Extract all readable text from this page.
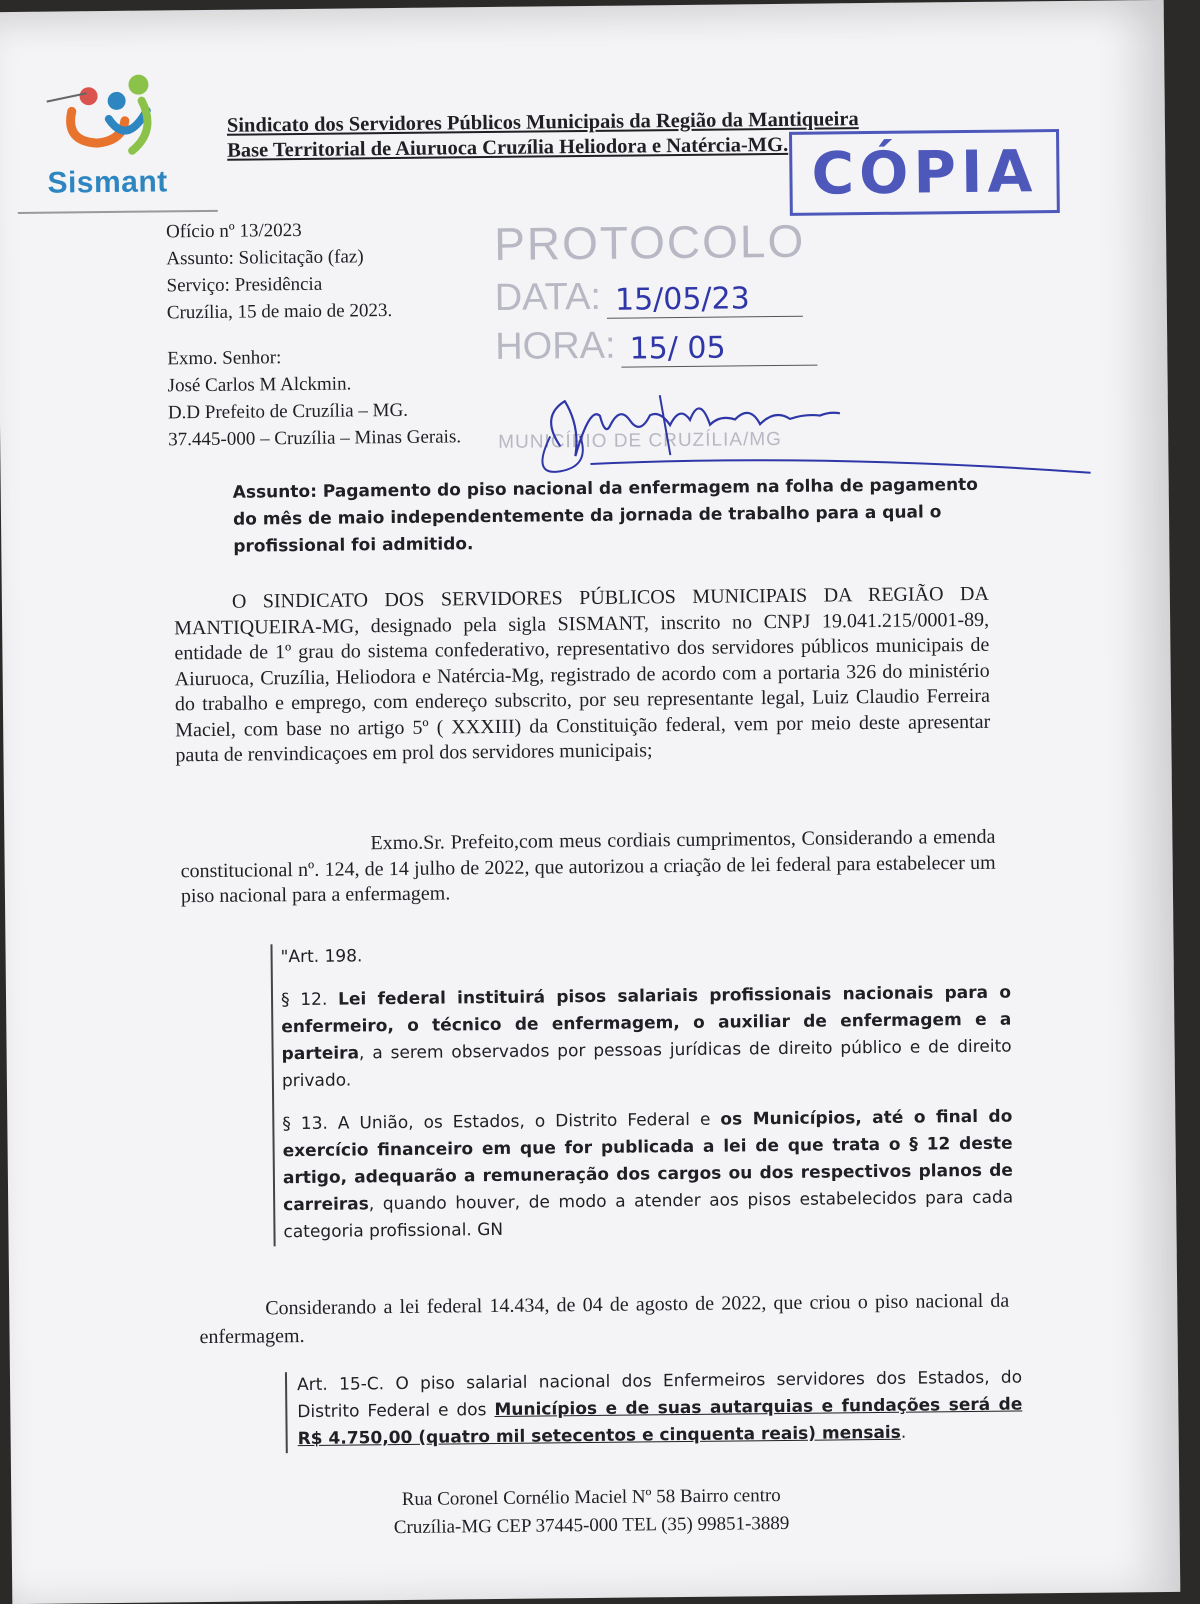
Sismant
Sindicato dos Servidores Públicos Municipais da Região da Mantiqueira
Base Territorial de Aiuruoca Cruzília Heliodora e Natércia-MG. CÓPIA
Ofício nº 13/2023
Assunto: Solicitação (faz)
Serviço: Presidência
Cruzília, 15 de maio de 2023.
PROTOCOLO
DATA: 15/05/23
HORA: 15/ 05
Exmo. Senhor:
José Carlos M Alckmin.
D.D Prefeito de Cruzília – MG.
37.445-000 – Cruzília – Minas Gerais. MUNICÍPIO DE CRUZÍLIA/MG
Assunto: Pagamento do piso nacional da enfermagem na folha de pagamento do mês de maio independentemente da jornada de trabalho para a qual o profissional foi admitido.
O SINDICATO DOS SERVIDORES PÚBLICOS MUNICIPAIS DA REGIÃO DA MANTIQUEIRA-MG, designado pela sigla SISMANT, inscrito no CNPJ 19.041.215/0001-89, entidade de 1º grau do sistema confederativo, representativo dos servidores públicos municipais de Aiuruoca, Cruzília, Heliodora e Natércia-Mg, registrado de acordo com a portaria 326 do ministério do trabalho e emprego, com endereço subscrito, por seu representante legal, Luiz Claudio Ferreira Maciel, com base no artigo 5º ( XXXIII) da Constituição federal, vem por meio deste apresentar pauta de renvindicaçoes em prol dos servidores municipais;
Exmo.Sr. Prefeito,com meus cordiais cumprimentos, Considerando a emenda constitucional nº. 124, de 14 julho de 2022, que autorizou a criação de lei federal para estabelecer um piso nacional para a enfermagem.

"Art. 198.

§ 12. Lei federal instituirá pisos salariais profissionais nacionais para o enfermeiro, o técnico de enfermagem, o auxiliar de enfermagem e a parteira, a serem observados por pessoas jurídicas de direito público e de direito privado.

§ 13. A União, os Estados, o Distrito Federal e os Municípios, até o final do exercício financeiro em que for publicada a lei de que trata o § 12 deste artigo, adequarão a remuneração dos cargos ou dos respectivos planos de carreiras, quando houver, de modo a atender aos pisos estabelecidos para cada categoria profissional. GN

Considerando a lei federal 14.434, de 04 de agosto de 2022, que criou o piso nacional da enfermagem.
Art. 15-C. O piso salarial nacional dos Enfermeiros servidores dos Estados, do Distrito Federal e dos Municípios e de suas autarquias e fundações será de R$ 4.750,00 (quatro mil setecentos e cinquenta reais) mensais.
Rua Coronel Cornélio Maciel Nº 58 Bairro centro
Cruzília-MG CEP 37445-000 TEL (35) 99851-3889
